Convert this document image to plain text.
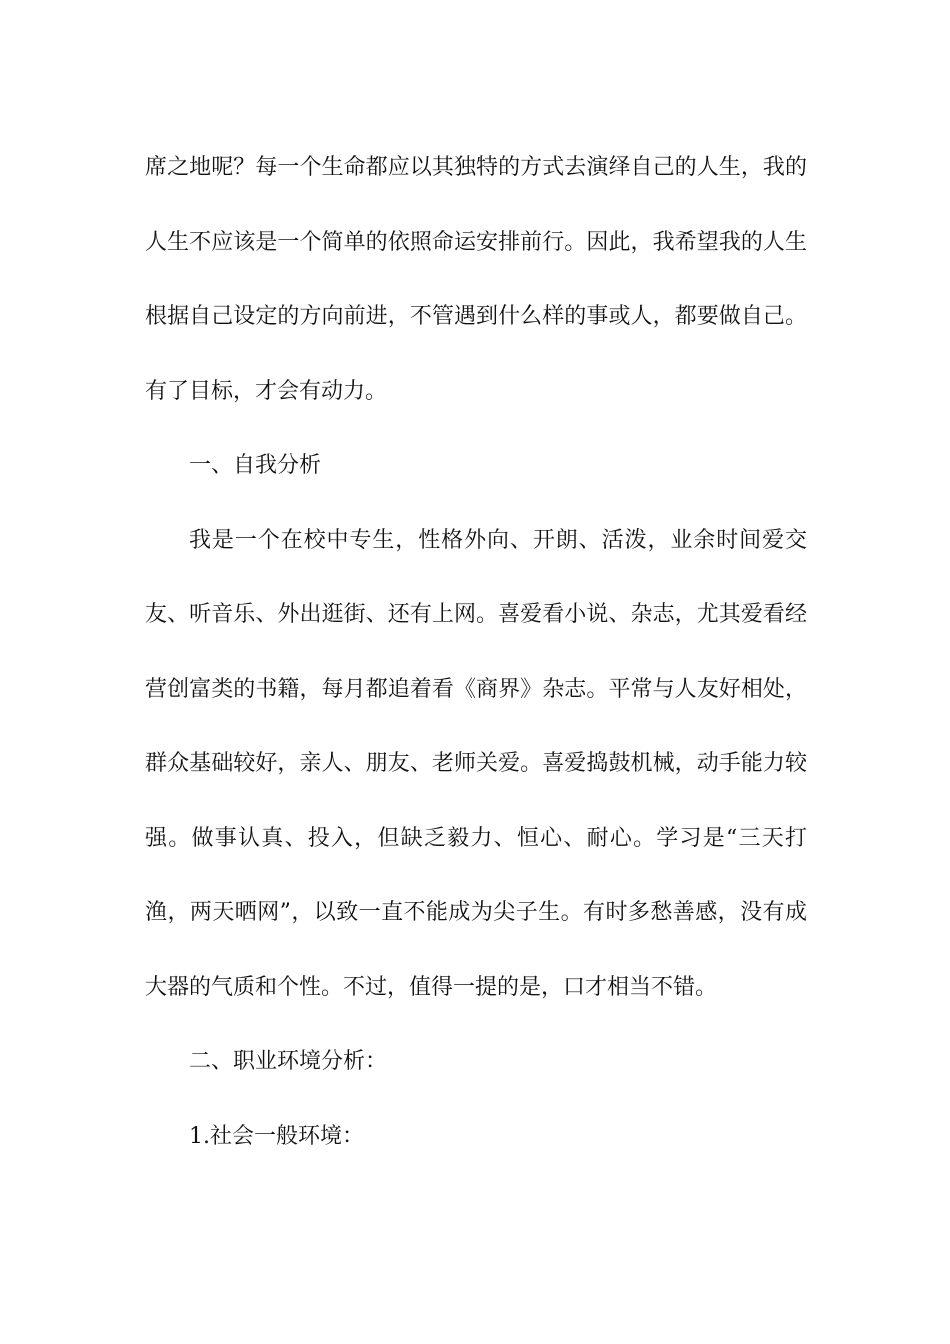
席之地呢？每一个生命都应以其独特的方式去演绎自己的人生，我的人生不应该是一个简单的依照命运安排前行。因此，我希望我的人生根据自己设定的方向前进，不管遇到什么样的事或人，都要做自己。有了目标，才会有动力。

一、自我分析

我是一个在校中专生，性格外向、开朗、活泼，业余时间爱交友、听音乐、外出逛街、还有上网。喜爱看小说、杂志，尤其爱看经营创富类的书籍，每月都追着看《商界》杂志。平常与人友好相处，群众基础较好，亲人、朋友、老师关爱。喜爱捣鼓机械，动手能力较强。做事认真、投入，但缺乏毅力、恒心、耐心。学习是“三天打渔，两天晒网”，以致一直不能成为尖子生。有时多愁善感，没有成大器的气质和个性。不过，值得一提的是，口才相当不错。

二、职业环境分析：

1.社会一般环境：
